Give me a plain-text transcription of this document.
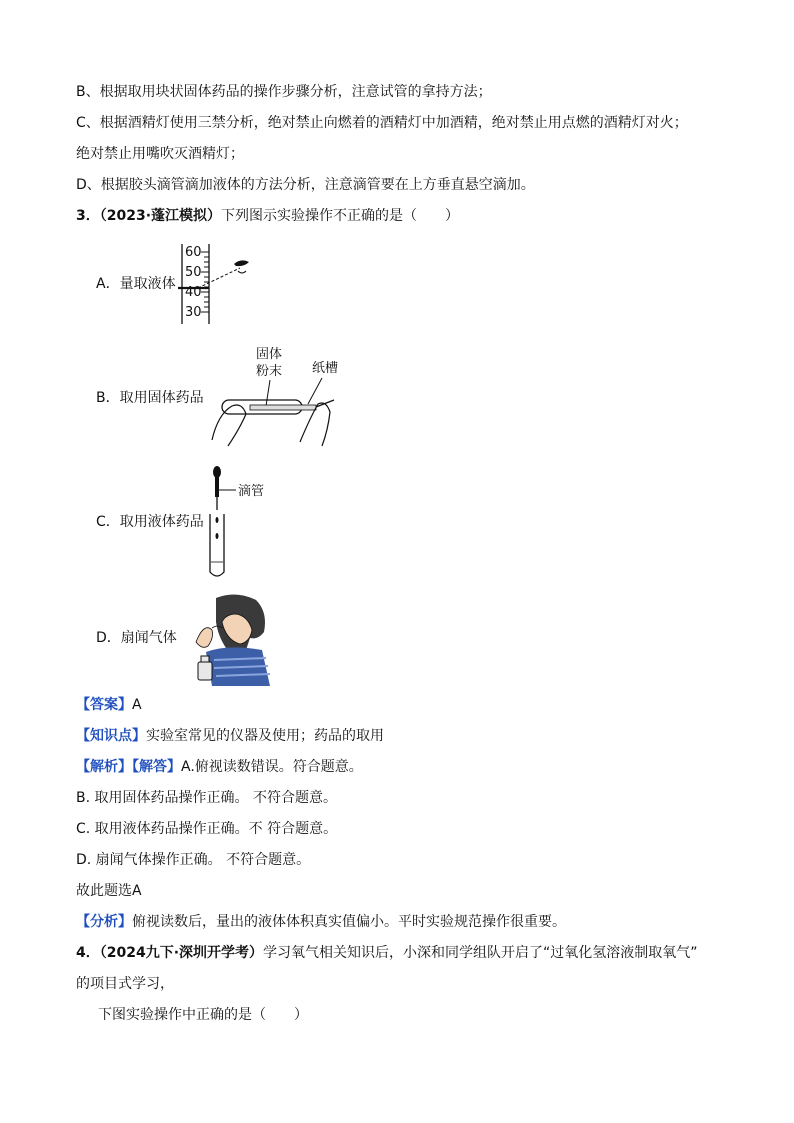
B、根据取用块状固体药品的操作步骤分析，注意试管的拿持方法；
C、根据酒精灯使用三禁分析，绝对禁止向燃着的酒精灯中加酒精，绝对禁止用点燃的酒精灯对火；
绝对禁止用嘴吹灭酒精灯；
D、根据胶头滴管滴加液体的方法分析，注意滴管要在上方垂直悬空滴加。
3．（2023·蓬江模拟）下列图示实验操作不正确的是（　　）
A．量取液体
60
50
40
30
B．取用固体药品
固体
粉末 纸槽
C．取用液体药品
滴管
D．扇闻气体
【答案】A
【知识点】实验室常见的仪器及使用；药品的取用
【解析】【解答】A.俯视读数错误。符合题意。
B. 取用固体药品操作正确。 不符合题意。
C. 取用液体药品操作正确。不 符合题意。
D. 扇闻气体操作正确。 不符合题意。
故此题选A
【分析】俯视读数后，量出的液体体积真实值偏小。平时实验规范操作很重要。
4．（2024九下·深圳开学考）学习氧气相关知识后，小深和同学组队开启了“过氧化氢溶液制取氧气”
的项目式学习，
下图实验操作中正确的是（　　）
